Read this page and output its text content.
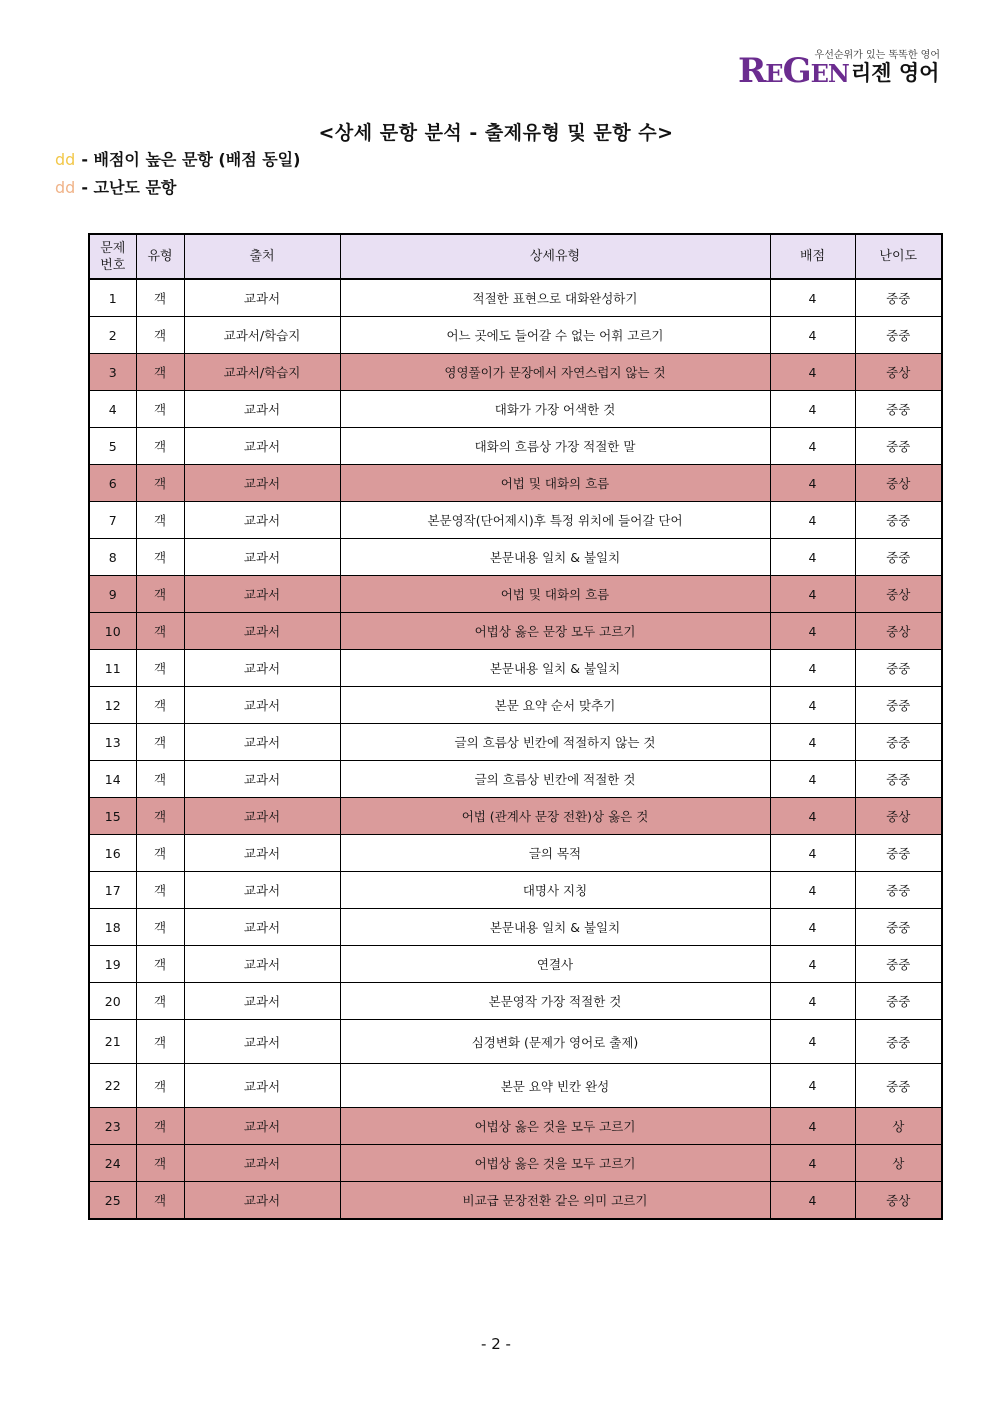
우선순위가 있는 똑똑한 영어
REGEN 리젠 영어
<상세 문항 분석 - 출제유형 및 문항 수>
dd - 배점이 높은 문항 (배점 동일)
dd - 고난도 문항
문제
번호	유형	출처	상세유형	배점	난이도
1	객	교과서	적절한 표현으로 대화완성하기	4	중중
2	객	교과서/학습지	어느 곳에도 들어갈 수 없는 어휘 고르기	4	중중
3	객	교과서/학습지	영영풀이가 문장에서 자연스럽지 않는 것	4	중상
4	객	교과서	대화가 가장 어색한 것	4	중중
5	객	교과서	대화의 흐름상 가장 적절한 말	4	중중
6	객	교과서	어법 및 대화의 흐름	4	중상
7	객	교과서	본문영작(단어제시)후 특정 위치에 들어갈 단어	4	중중
8	객	교과서	본문내용 일치 & 불일치	4	중중
9	객	교과서	어법 및 대화의 흐름	4	중상
10	객	교과서	어법상 옳은 문장 모두 고르기	4	중상
11	객	교과서	본문내용 일치 & 불일치	4	중중
12	객	교과서	본문 요약 순서 맞추기	4	중중
13	객	교과서	글의 흐름상 빈칸에 적절하지 않는 것	4	중중
14	객	교과서	글의 흐름상 빈칸에 적절한 것	4	중중
15	객	교과서	어법 (관계사 문장 전환)상 옳은 것	4	중상
16	객	교과서	글의 목적	4	중중
17	객	교과서	대명사 지칭	4	중중
18	객	교과서	본문내용 일치 & 불일치	4	중중
19	객	교과서	연결사	4	중중
20	객	교과서	본문영작 가장 적절한 것	4	중중
21	객	교과서	심경변화 (문제가 영어로 출제)	4	중중
22	객	교과서	본문 요약 빈칸 완성	4	중중
23	객	교과서	어법상 옳은 것을 모두 고르기	4	상
24	객	교과서	어법상 옳은 것을 모두 고르기	4	상
25	객	교과서	비교급 문장전환 같은 의미 고르기	4	중상
- 2 -
